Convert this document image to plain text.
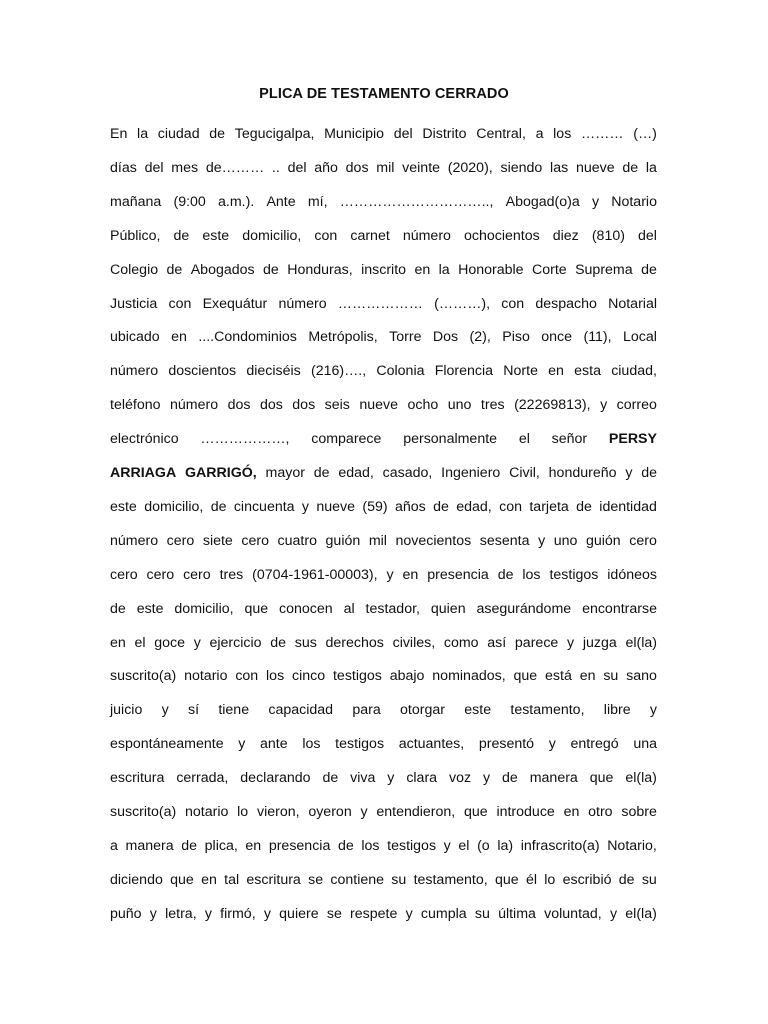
PLICA DE TESTAMENTO CERRADO
En la ciudad de Tegucigalpa, Municipio del Distrito Central, a los ……… (…)
días del mes de……… .. del año dos mil veinte (2020), siendo las nueve de la
mañana (9:00 a.m.). Ante mí, ………………………….., Abogad(o)a y Notario
Público, de este domicilio, con carnet número ochocientos diez (810) del
Colegio de Abogados de Honduras, inscrito en la Honorable Corte Suprema de
Justicia con Exequátur número ……………… (………), con despacho Notarial
ubicado en ....Condominios Metrópolis, Torre Dos (2), Piso once (11), Local
número doscientos dieciséis (216)…., Colonia Florencia Norte en esta ciudad,
teléfono número dos dos dos seis nueve ocho uno tres (22269813), y correo
electrónico ………………, comparece personalmente el señor PERSY
ARRIAGA GARRIGÓ, mayor de edad, casado, Ingeniero Civil, hondureño y de
este domicilio, de cincuenta y nueve (59) años de edad, con tarjeta de identidad
número cero siete cero cuatro guión mil novecientos sesenta y uno guión cero
cero cero cero tres (0704-1961-00003), y en presencia de los testigos idóneos
de este domicilio, que conocen al testador, quien asegurándome encontrarse
en el goce y ejercicio de sus derechos civiles, como así parece y juzga el(la)
suscrito(a) notario con los cinco testigos abajo nominados, que está en su sano
juicio y sí tiene capacidad para otorgar este testamento, libre y
espontáneamente y ante los testigos actuantes, presentó y entregó una
escritura cerrada, declarando de viva y clara voz y de manera que el(la)
suscrito(a) notario lo vieron, oyeron y entendieron, que introduce en otro sobre
a manera de plica, en presencia de los testigos y el (o la) infrascrito(a) Notario,
diciendo que en tal escritura se contiene su testamento, que él lo escribió de su
puño y letra, y firmó, y quiere se respete y cumpla su última voluntad, y el(la)
